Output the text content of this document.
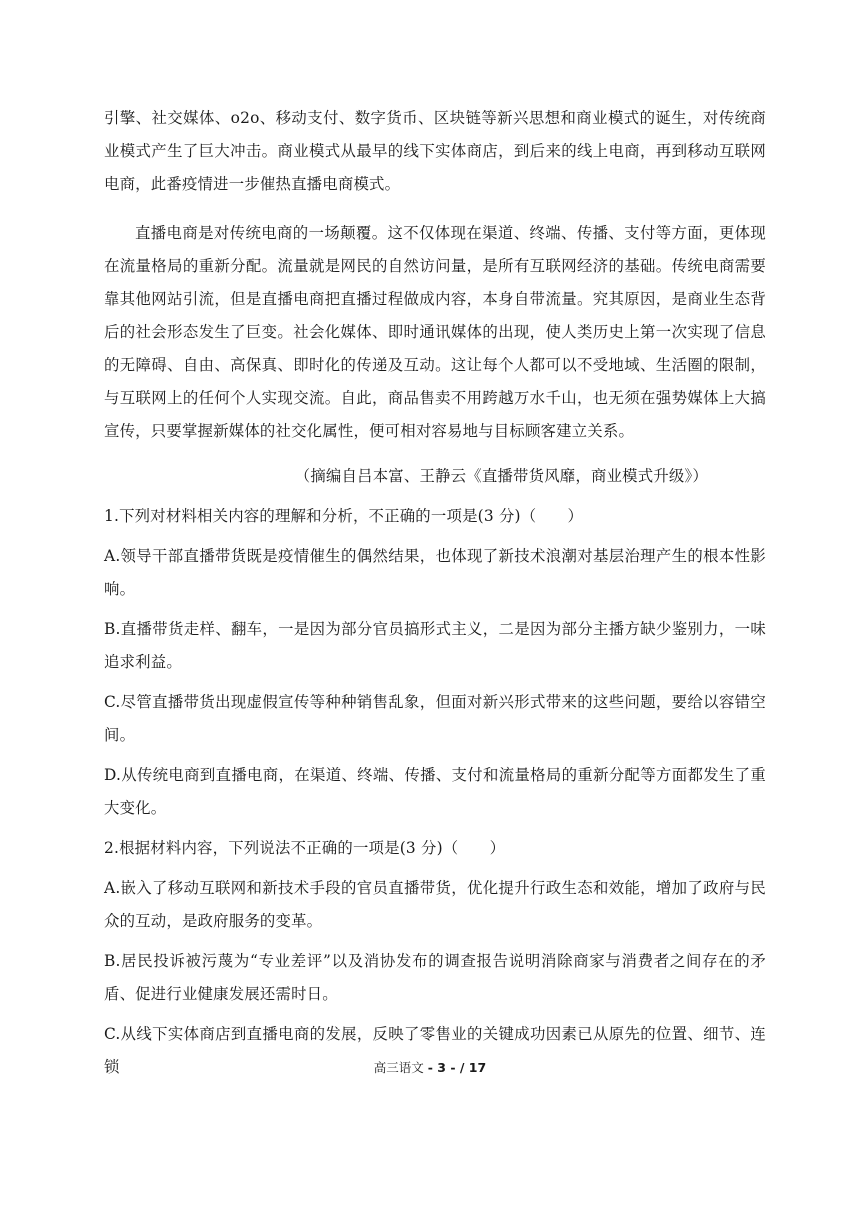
引擎、社交媒体、o2o、移动支付、数字货币、区块链等新兴思想和商业模式的诞生，对传统商业模式产生了巨大冲击。商业模式从最早的线下实体商店，到后来的线上电商，再到移动互联网电商，此番疫情进一步催热直播电商模式。

直播电商是对传统电商的一场颠覆。这不仅体现在渠道、终端、传播、支付等方面，更体现在流量格局的重新分配。流量就是网民的自然访问量，是所有互联网经济的基础。传统电商需要靠其他网站引流，但是直播电商把直播过程做成内容，本身自带流量。究其原因，是商业生态背后的社会形态发生了巨变。社会化媒体、即时通讯媒体的出现，使人类历史上第一次实现了信息的无障碍、自由、高保真、即时化的传递及互动。这让每个人都可以不受地域、生活圈的限制，与互联网上的任何个人实现交流。自此，商品售卖不用跨越万水千山，也无须在强势媒体上大搞宣传，只要掌握新媒体的社交化属性，便可相对容易地与目标顾客建立关系。

（摘编自吕本富、王静云《直播带货风靡，商业模式升级》）

1.下列对材料相关内容的理解和分析，不正确的一项是(3 分)（　　）

A.领导干部直播带货既是疫情催生的偶然结果，也体现了新技术浪潮对基层治理产生的根本性影响。

B.直播带货走样、翻车，一是因为部分官员搞形式主义，二是因为部分主播方缺少鉴别力，一味追求利益。

C.尽管直播带货出现虚假宣传等种种销售乱象，但面对新兴形式带来的这些问题，要给以容错空间。

D.从传统电商到直播电商，在渠道、终端、传播、支付和流量格局的重新分配等方面都发生了重大变化。

2.根据材料内容，下列说法不正确的一项是(3 分)（　　）

A.嵌入了移动互联网和新技术手段的官员直播带货，优化提升行政生态和效能，增加了政府与民众的互动，是政府服务的变革。

B.居民投诉被污蔑为“专业差评”以及消协发布的调查报告说明消除商家与消费者之间存在的矛盾、促进行业健康发展还需时日。

C.从线下实体商店到直播电商的发展，反映了零售业的关键成功因素已从原先的位置、细节、连锁	高三语文 - 3 - / 17
